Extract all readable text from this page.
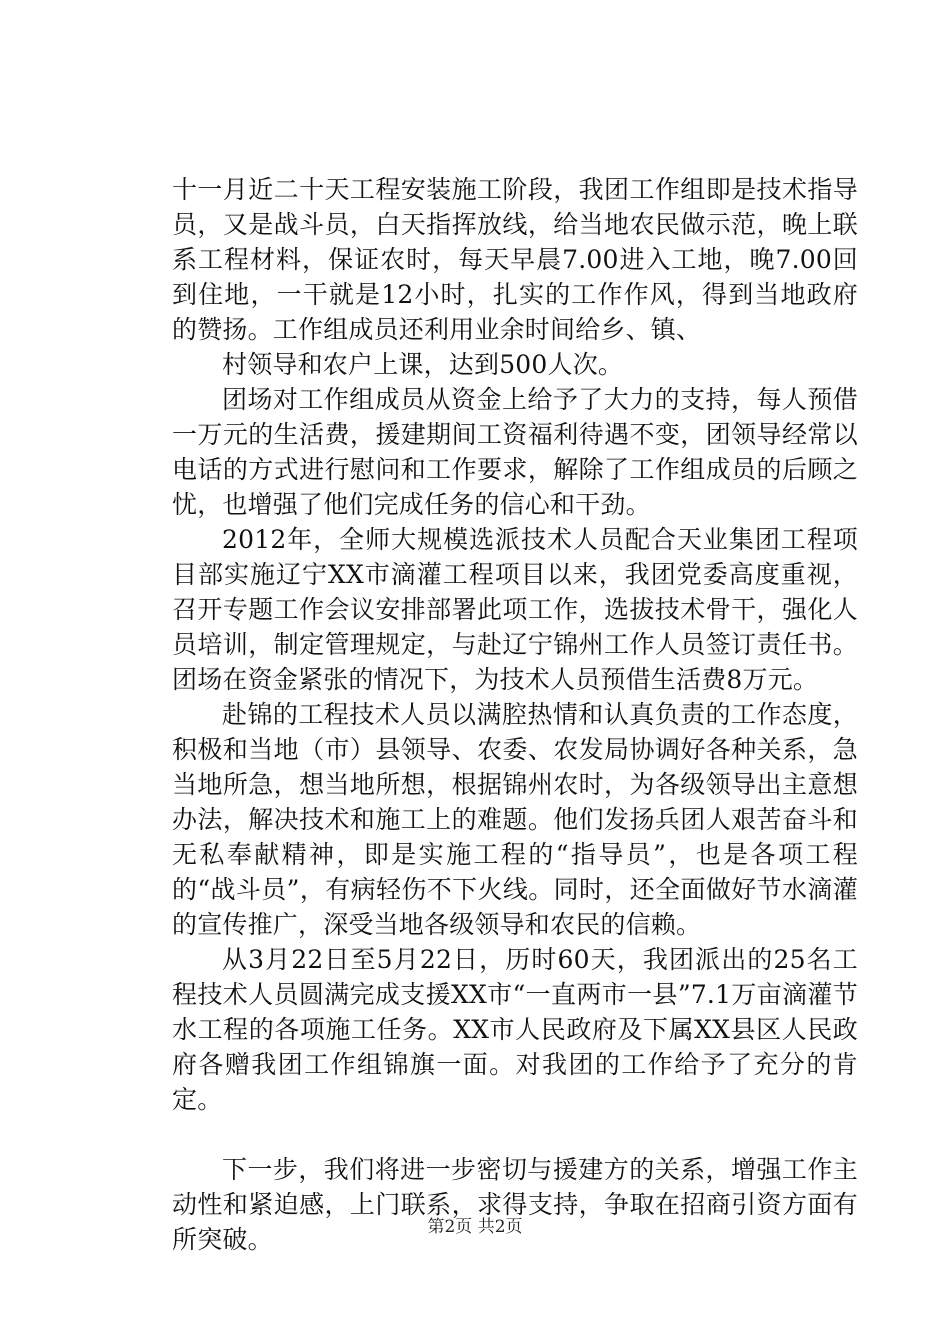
十一月近二十天工程安装施工阶段，我团工作组即是技术指导员，又是战斗员，白天指挥放线，给当地农民做示范，晚上联系工程材料，保证农时，每天早晨7.00进入工地，晚7.00回到住地，一干就是12小时，扎实的工作作风，得到当地政府的赞扬。工作组成员还利用业余时间给乡、镇、

村领导和农户上课，达到500人次。

团场对工作组成员从资金上给予了大力的支持，每人预借一万元的生活费，援建期间工资福利待遇不变，团领导经常以电话的方式进行慰问和工作要求，解除了工作组成员的后顾之忧，也增强了他们完成任务的信心和干劲。

2012年，全师大规模选派技术人员配合天业集团工程项目部实施辽宁XX市滴灌工程项目以来，我团党委高度重视，召开专题工作会议安排部署此项工作，选拔技术骨干，强化人员培训，制定管理规定，与赴辽宁锦州工作人员签订责任书。团场在资金紧张的情况下，为技术人员预借生活费8万元。

赴锦的工程技术人员以满腔热情和认真负责的工作态度，积极和当地（市）县领导、农委、农发局协调好各种关系，急当地所急，想当地所想，根据锦州农时，为各级领导出主意想办法，解决技术和施工上的难题。他们发扬兵团人艰苦奋斗和无私奉献精神，即是实施工程的“指导员”，也是各项工程的“战斗员”，有病轻伤不下火线。同时，还全面做好节水滴灌的宣传推广，深受当地各级领导和农民的信赖。

从3月22日至5月22日，历时60天，我团派出的25名工程技术人员圆满完成支援XX市“一直两市一县”7.1万亩滴灌节水工程的各项施工任务。XX市人民政府及下属XX县区人民政府各赠我团工作组锦旗一面。对我团的工作给予了充分的肯定。

下一步，我们将进一步密切与援建方的关系，增强工作主动性和紧迫感，上门联系，求得支持，争取在招商引资方面有所突破。	第2页 共2页
